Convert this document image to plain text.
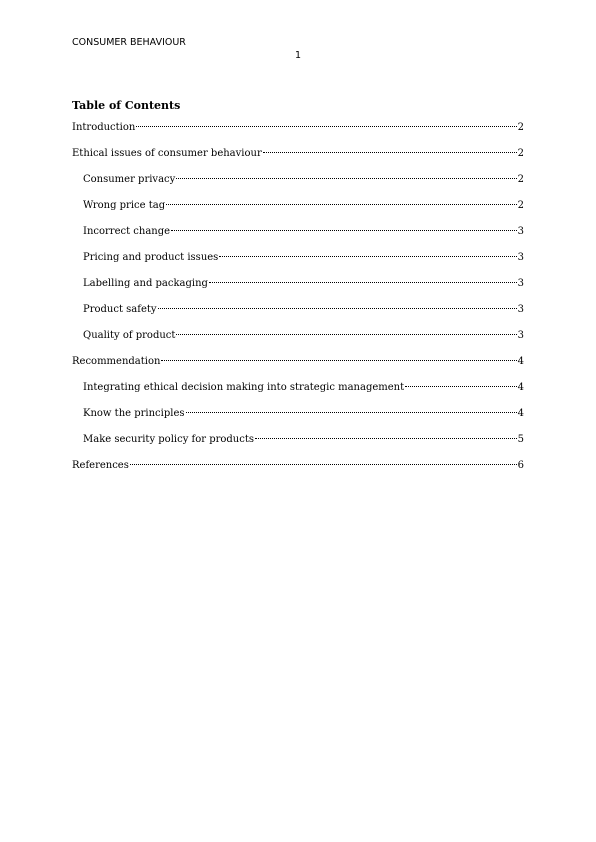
CONSUMER BEHAVIOUR
1
Table of Contents
Introduction	2
Ethical issues of consumer behaviour	2
Consumer privacy	2
Wrong price tag	2
Incorrect change	3
Pricing and product issues	3
Labelling and packaging	3
Product safety	3
Quality of product	3
Recommendation	4
Integrating ethical decision making into strategic management	4
Know the principles	4
Make security policy for products	5
References	6
